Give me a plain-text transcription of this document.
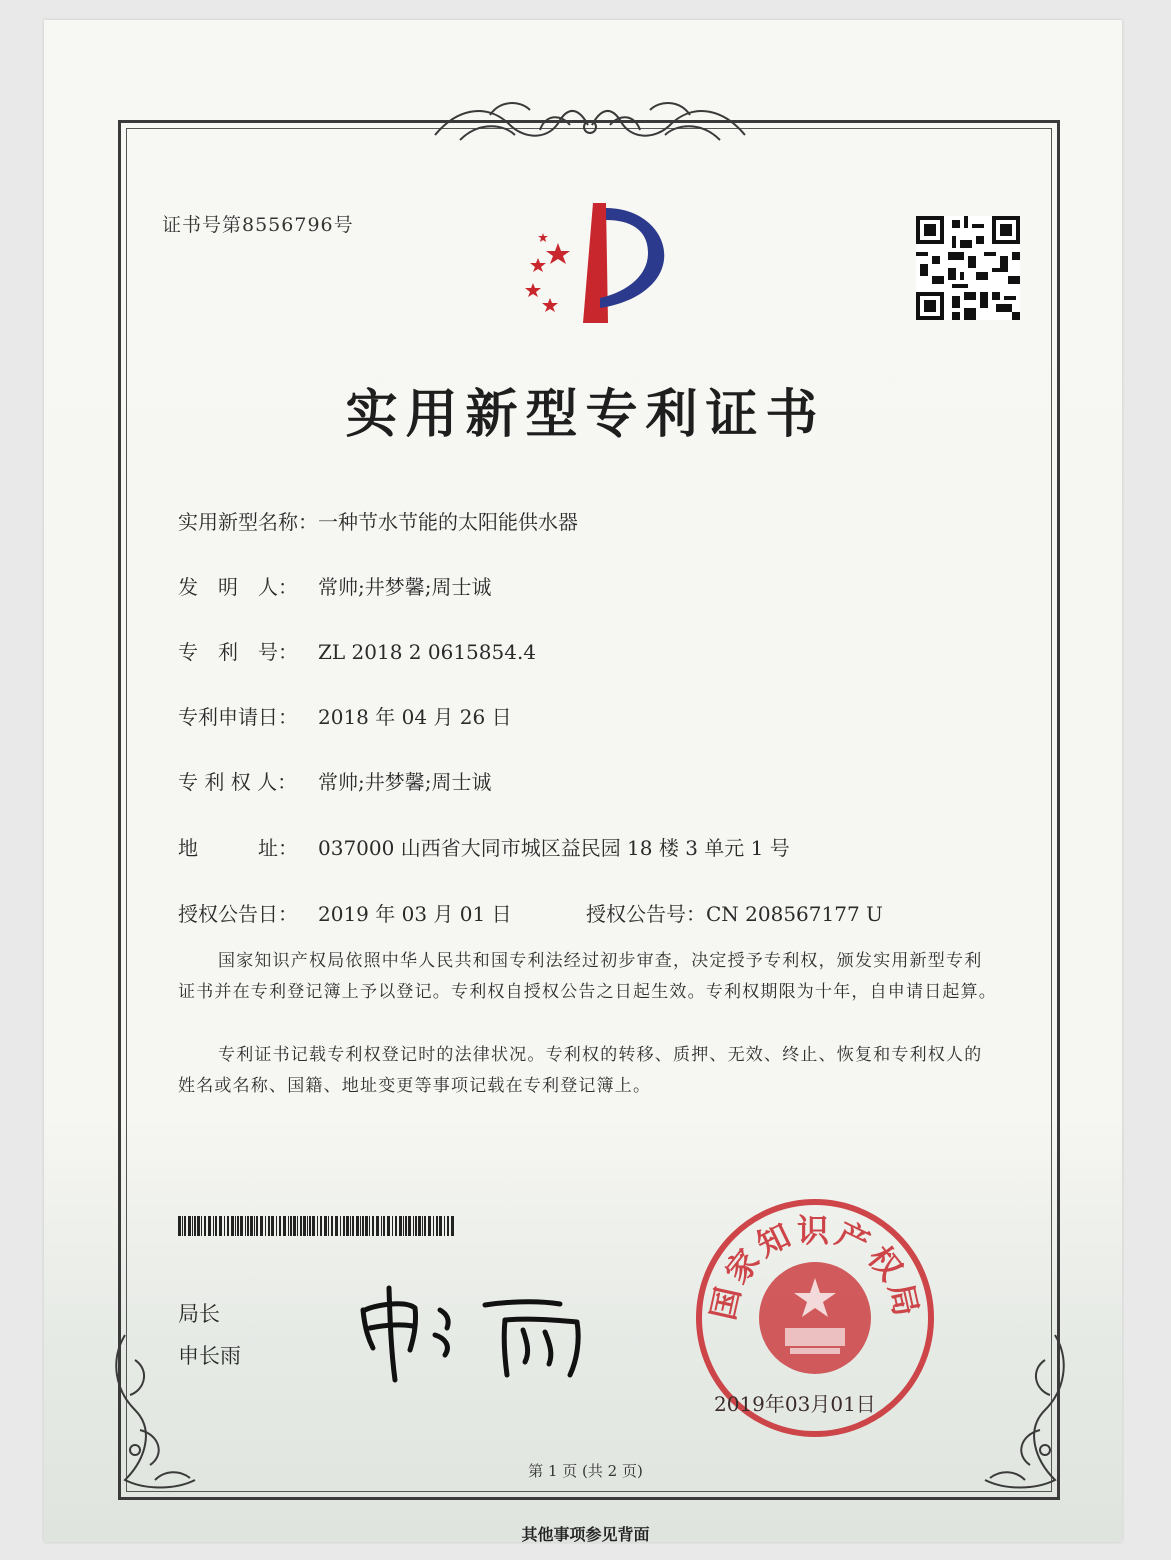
证书号第8556796号
实用新型专利证书
实用新型名称：一种节水节能的太阳能供水器
发　明　人： 常帅;井梦馨;周士诚
专　利　号： ZL 2018 2 0615854.4
专利申请日： 2018 年 04 月 26 日
专 利 权 人： 常帅;井梦馨;周士诚
地　　　址： 037000 山西省大同市城区益民园 18 楼 3 单元 1 号
授权公告日： 2019 年 03 月 01 日	授权公告号：CN 208567177 U
国家知识产权局依照中华人民共和国专利法经过初步审查，决定授予专利权，颁发实用新型专利证书并在专利登记簿上予以登记。专利权自授权公告之日起生效。专利权期限为十年，自申请日起算。
专利证书记载专利权登记时的法律状况。专利权的转移、质押、无效、终止、恢复和专利权人的姓名或名称、国籍、地址变更等事项记载在专利登记簿上。
局长
申长雨
国家知识产权局
2019年03月01日
第 1 页 (共 2 页)
其他事项参见背面
